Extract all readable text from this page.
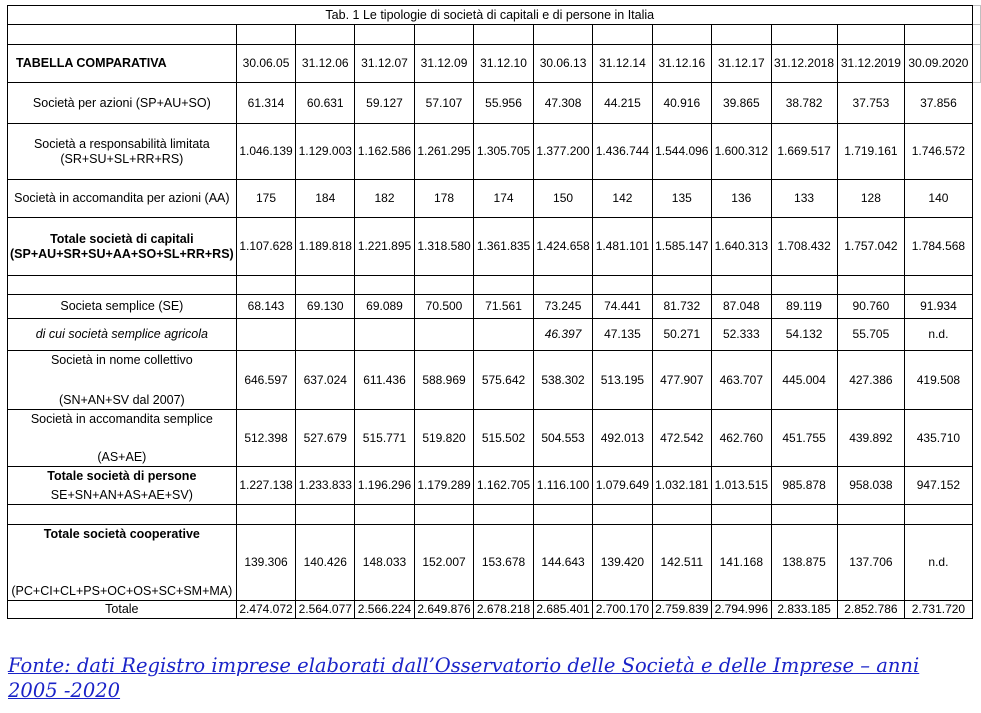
Tab. 1 Le tipologie di società di capitali e di persone in Italia													

TABELLA COMPARATIVA	30.06.05	31.12.06	31.12.07	31.12.09	31.12.10	30.06.13	31.12.14	31.12.16	31.12.17	31.12.2018	31.12.2019	30.09.2020	
Società per azioni (SP+AU+SO)	61.314	60.631	59.127	57.107	55.956	47.308	44.215	40.916	39.865	38.782	37.753	37.856	
Società a responsabilità limitata (SR+SU+SL+RR+RS)	1.046.139	1.129.003	1.162.586	1.261.295	1.305.705	1.377.200	1.436.744	1.544.096	1.600.312	1.669.517	1.719.161	1.746.572	
Società in accomandita per azioni (AA)	175	184	182	178	174	150	142	135	136	133	128	140	
Totale società di capitali (SP+AU+SR+SU+AA+SO+SL+RR+RS)	1.107.628	1.189.818	1.221.895	1.318.580	1.361.835	1.424.658	1.481.101	1.585.147	1.640.313	1.708.432	1.757.042	1.784.568	

Societa semplice (SE)	68.143	69.130	69.089	70.500	71.561	73.245	74.441	81.732	87.048	89.119	90.760	91.934	
di cui società semplice agricola						46.397	47.135	50.271	52.333	54.132	55.705	n.d.	

Società in nome collettivo
(SN+AN+SV dal 2007)	646.597	637.024	611.436	588.969	575.642	538.302	513.195	477.907	463.707	445.004	427.386	419.508	

Società in accomandita semplice
(AS+AE)	512.398	527.679	515.771	519.820	515.502	504.553	492.013	472.542	462.760	451.755	439.892	435.710	

Totale società di persone
SE+SN+AN+AS+AE+SV)	1.227.138	1.233.833	1.196.296	1.179.289	1.162.705	1.116.100	1.079.649	1.032.181	1.013.515	985.878	958.038	947.152	

Totale società cooperative
(PC+CI+CL+PS+OC+OS+SC+SM+MA)	139.306	140.426	148.033	152.007	153.678	144.643	139.420	142.511	141.168	138.875	137.706	n.d.	
Totale	2.474.072	2.564.077	2.566.224	2.649.876	2.678.218	2.685.401	2.700.170	2.759.839	2.794.996	2.833.185	2.852.786	2.731.720	
Fonte: dati Registro imprese elaborati dall’Osservatorio delle Società e delle Imprese – anni 2005 -2020
